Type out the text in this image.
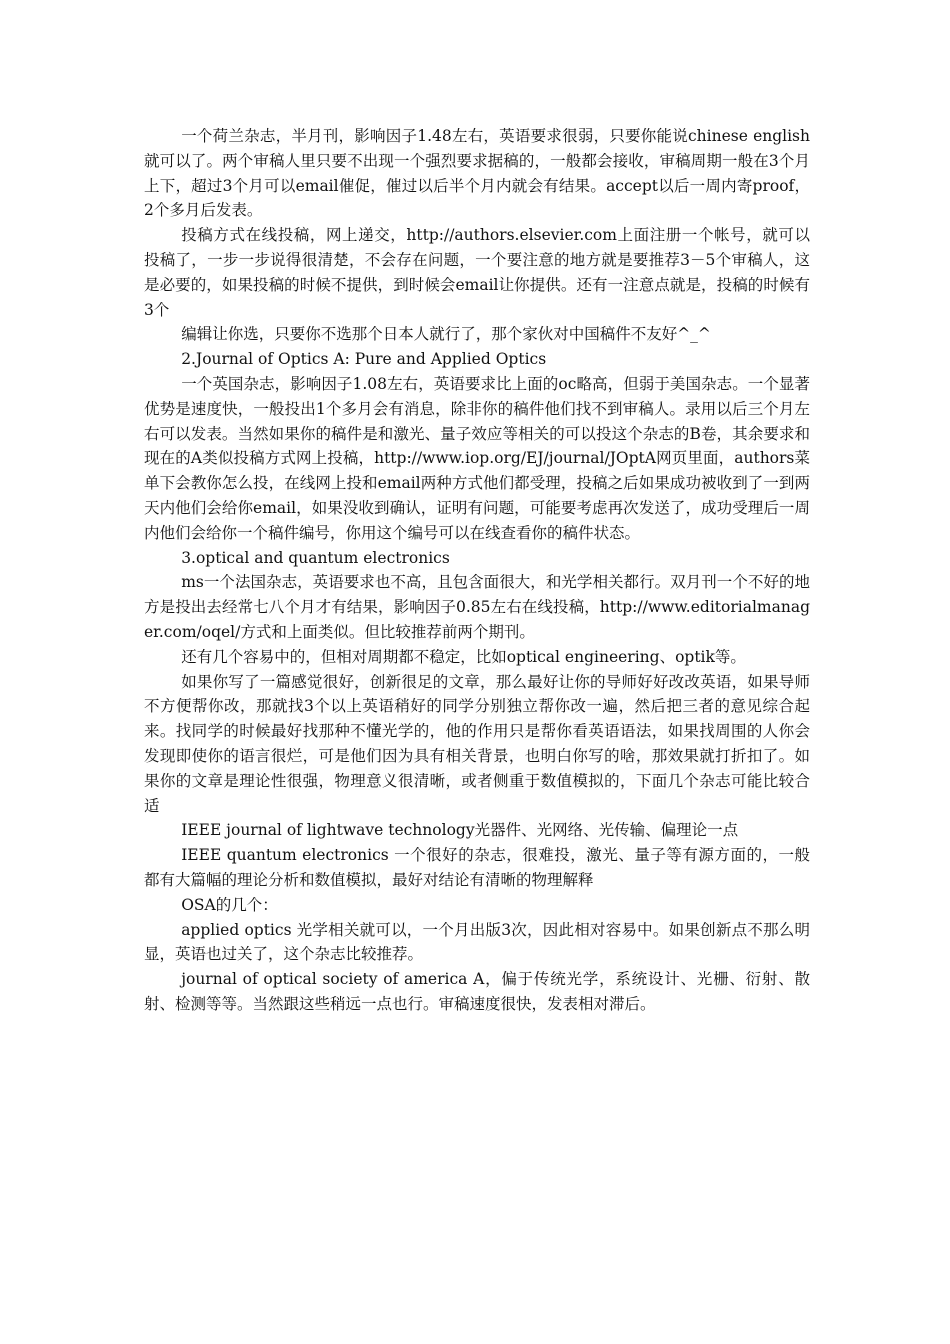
一个荷兰杂志，半月刊，影响因子1.48左右，英语要求很弱，只要你能说chinese english就可以了。两个审稿人里只要不出现一个强烈要求据稿的，一般都会接收，审稿周期一般在3个月上下，超过3个月可以email催促，催过以后半个月内就会有结果。accept以后一周内寄proof，2个多月后发表。

投稿方式在线投稿，网上递交，http://authors.elsevier.com上面注册一个帐号，就可以投稿了，一步一步说得很清楚，不会存在问题，一个要注意的地方就是要推荐3－5个审稿人，这是必要的，如果投稿的时候不提供，到时候会email让你提供。还有一注意点就是，投稿的时候有3个

编辑让你选，只要你不选那个日本人就行了，那个家伙对中国稿件不友好^_^

2.Journal of Optics A: Pure and Applied Optics

一个英国杂志，影响因子1.08左右，英语要求比上面的oc略高，但弱于美国杂志。一个显著优势是速度快，一般投出1个多月会有消息，除非你的稿件他们找不到审稿人。录用以后三个月左右可以发表。当然如果你的稿件是和激光、量子效应等相关的可以投这个杂志的B卷，其余要求和现在的A类似投稿方式网上投稿，http://www.iop.org/EJ/journal/JOptA网页里面，authors菜单下会教你怎么投，在线网上投和email两种方式他们都受理，投稿之后如果成功被收到了一到两天内他们会给你email，如果没收到确认，证明有问题，可能要考虑再次发送了，成功受理后一周内他们会给你一个稿件编号，你用这个编号可以在线查看你的稿件状态。

3.optical and quantum electronics

ms一个法国杂志，英语要求也不高，且包含面很大，和光学相关都行。双月刊一个不好的地方是投出去经常七八个月才有结果，影响因子0.85左右在线投稿，http://www.editorialmanager.com/oqel/方式和上面类似。但比较推荐前两个期刊。

还有几个容易中的，但相对周期都不稳定，比如optical engineering、optik等。

如果你写了一篇感觉很好，创新很足的文章，那么最好让你的导师好好改改英语，如果导师不方便帮你改，那就找3个以上英语稍好的同学分别独立帮你改一遍，然后把三者的意见综合起来。找同学的时候最好找那种不懂光学的，他的作用只是帮你看英语语法，如果找周围的人你会发现即使你的语言很烂，可是他们因为具有相关背景，也明白你写的啥，那效果就打折扣了。如果你的文章是理论性很强，物理意义很清晰，或者侧重于数值模拟的，下面几个杂志可能比较合适

IEEE journal of lightwave technology光器件、光网络、光传输、偏理论一点

IEEE quantum electronics 一个很好的杂志，很难投，激光、量子等有源方面的，一般都有大篇幅的理论分析和数值模拟，最好对结论有清晰的物理解释

OSA的几个：

applied optics 光学相关就可以，一个月出版3次，因此相对容易中。如果创新点不那么明显，英语也过关了，这个杂志比较推荐。

journal of optical society of america A，偏于传统光学，系统设计、光栅、衍射、散射、检测等等。当然跟这些稍远一点也行。审稿速度很快，发表相对滞后。
